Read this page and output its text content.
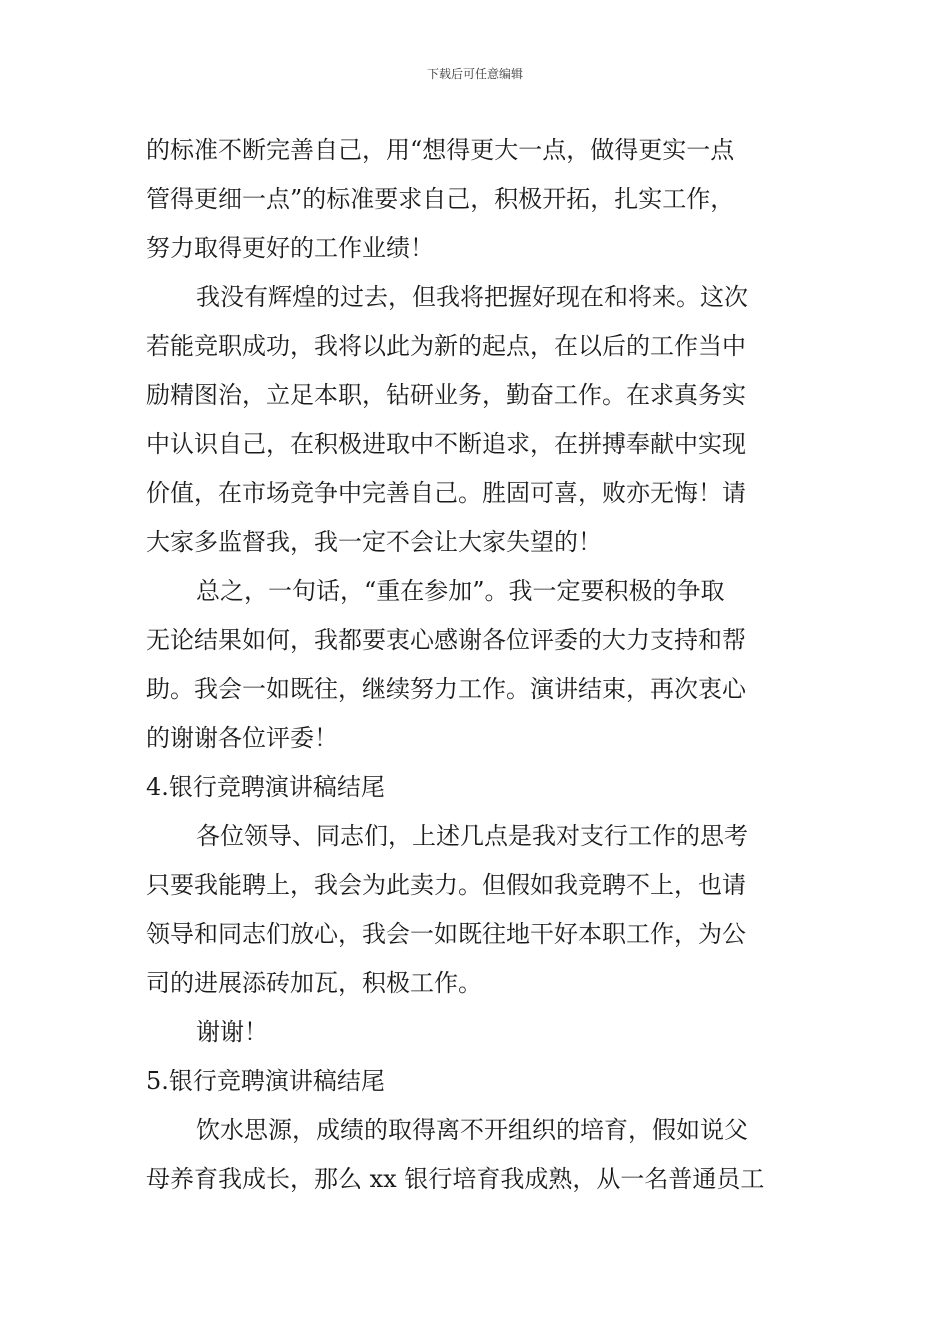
下载后可任意编辑
的标准不断完善自己，用“想得更大一点，做得更实一点
管得更细一点”的标准要求自己，积极开拓，扎实工作，
努力取得更好的工作业绩！
我没有辉煌的过去，但我将把握好现在和将来。这次
若能竞职成功，我将以此为新的起点，在以后的工作当中
励精图治，立足本职，钻研业务，勤奋工作。在求真务实
中认识自己，在积极进取中不断追求，在拼搏奉献中实现
价值，在市场竞争中完善自己。胜固可喜，败亦无悔！请
大家多监督我，我一定不会让大家失望的！
总之，一句话，“重在参加”。我一定要积极的争取
无论结果如何，我都要衷心感谢各位评委的大力支持和帮
助。我会一如既往，继续努力工作。演讲结束，再次衷心
的谢谢各位评委！
4.银行竞聘演讲稿结尾
各位领导、同志们，上述几点是我对支行工作的思考
只要我能聘上，我会为此卖力。但假如我竞聘不上，也请
领导和同志们放心，我会一如既往地干好本职工作，为公
司的进展添砖加瓦，积极工作。
谢谢！
5.银行竞聘演讲稿结尾
饮水思源，成绩的取得离不开组织的培育，假如说父
母养育我成长，那么 xx 银行培育我成熟，从一名普通员工
